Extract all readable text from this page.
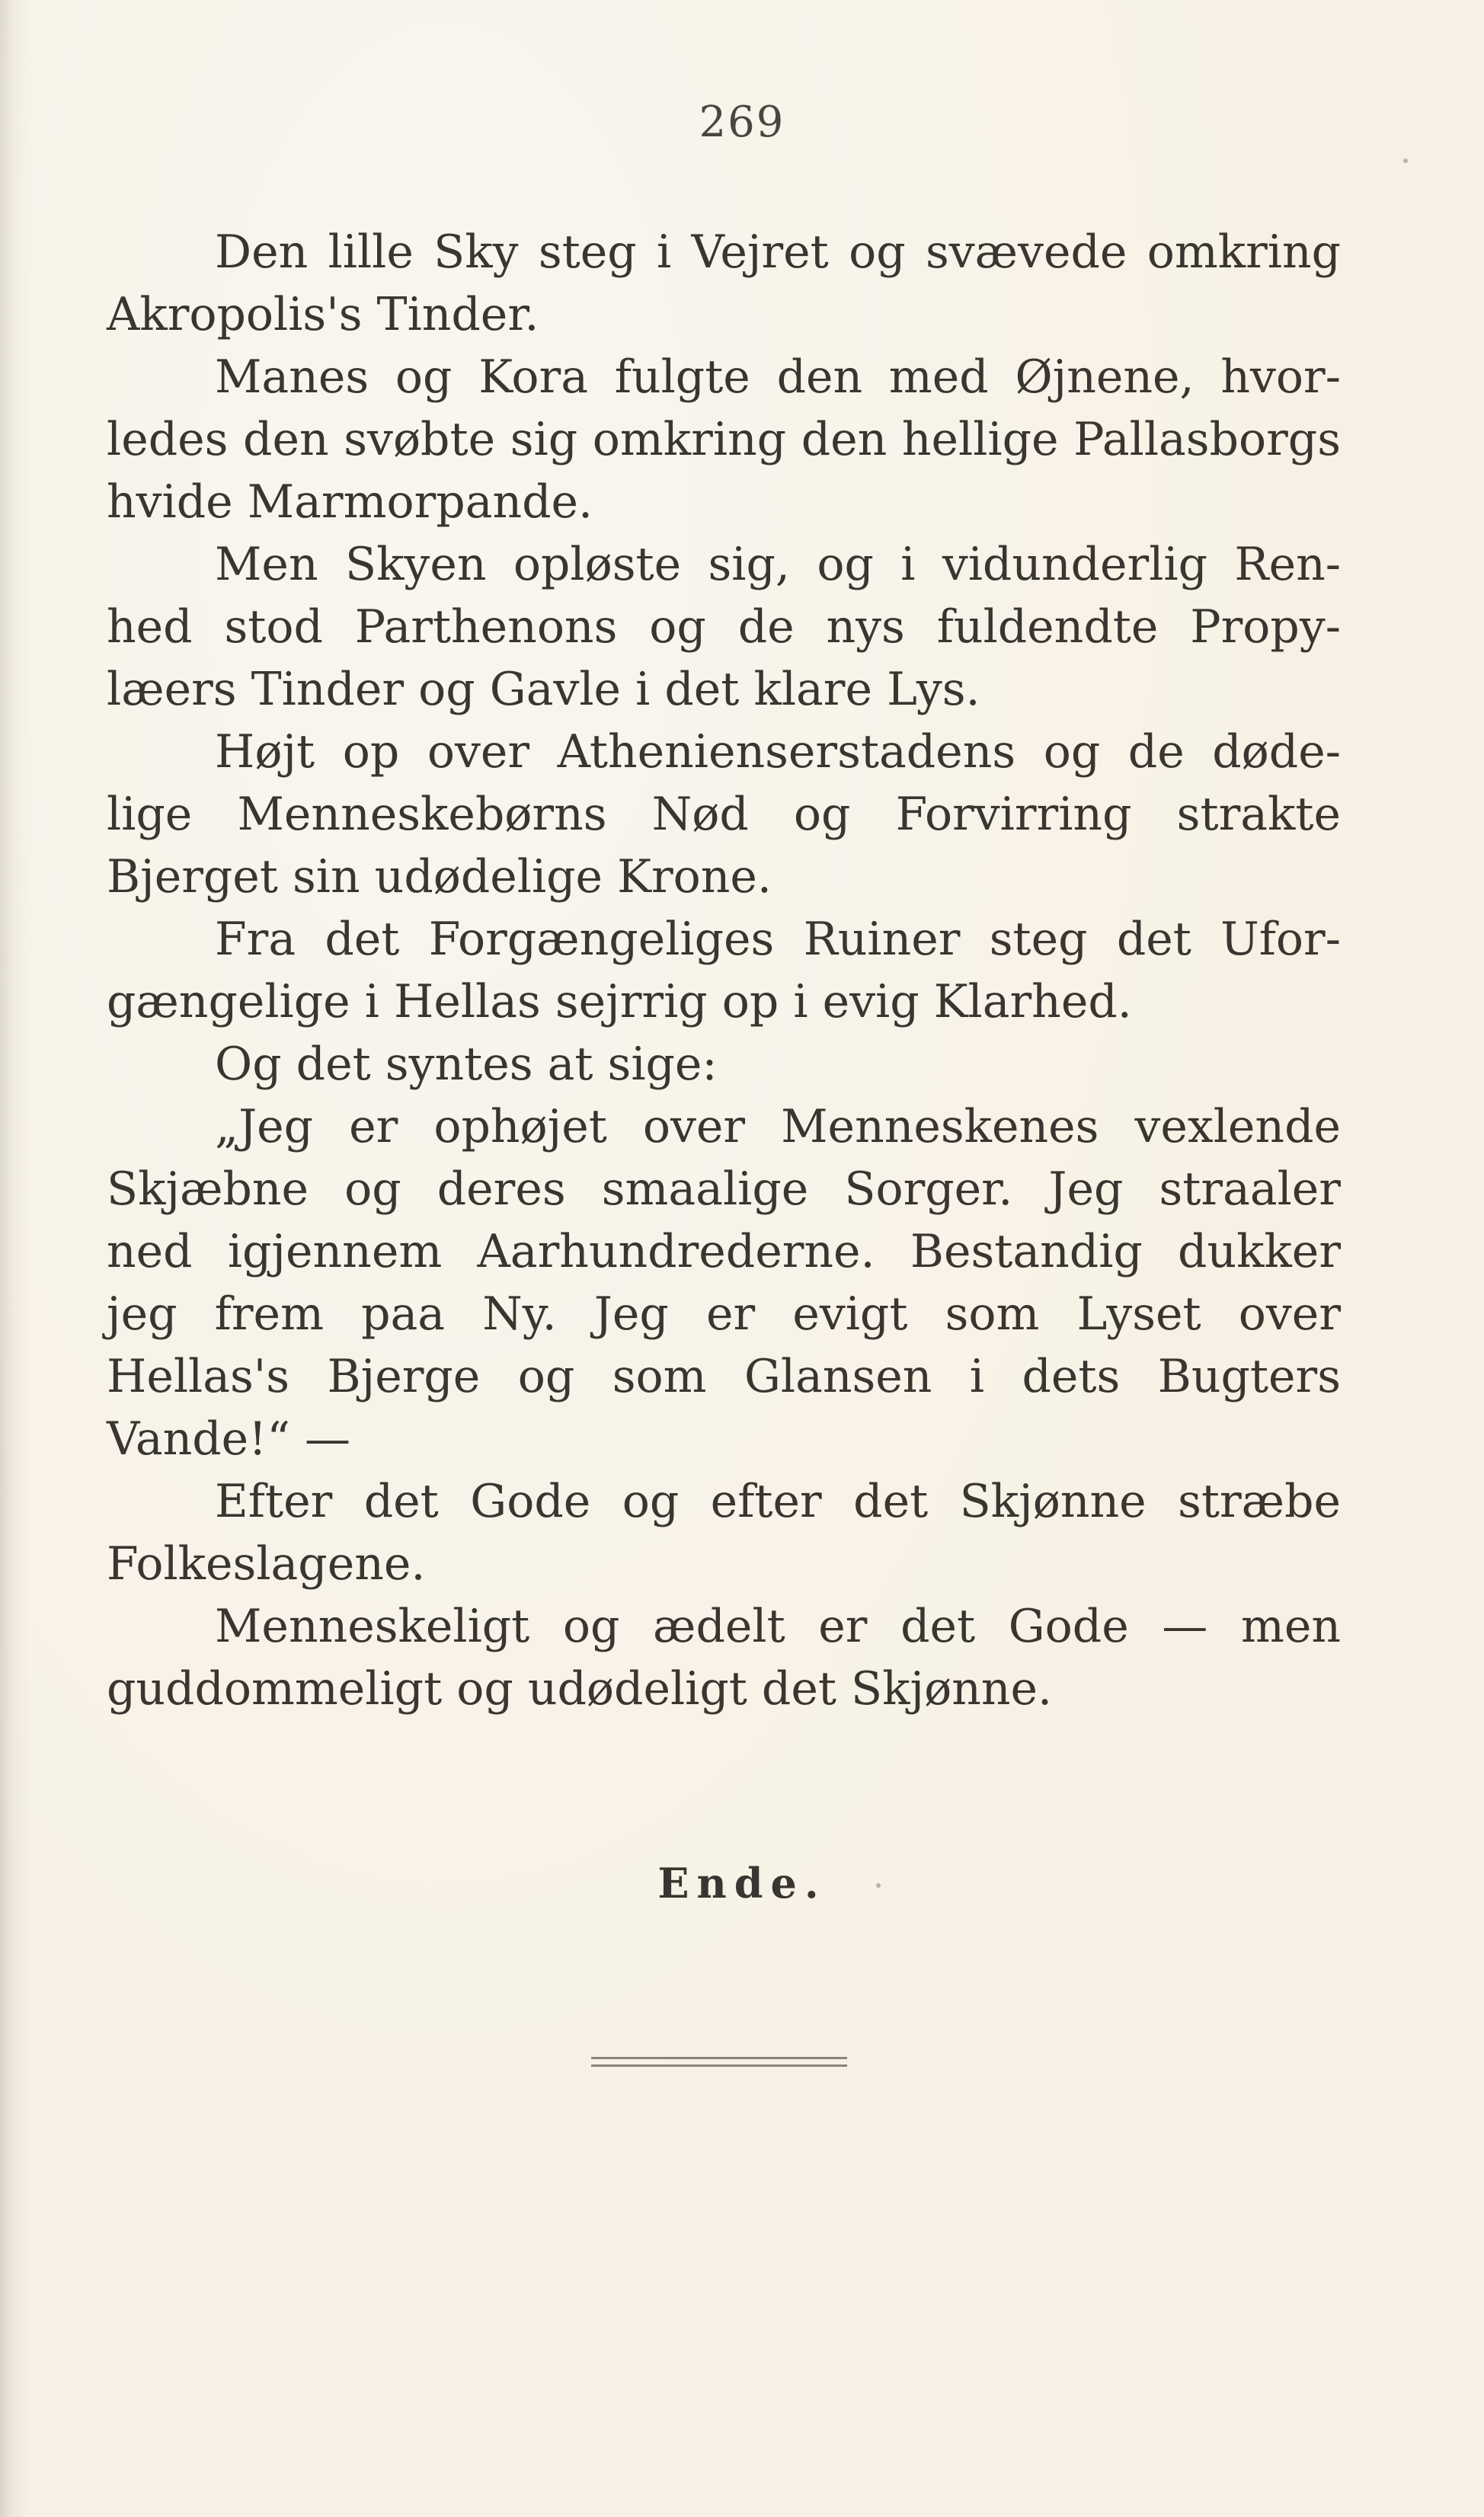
269
Den lille Sky steg i Vejret og svævede omkring
Akropolis's Tinder.
Manes og Kora fulgte den med Øjnene, hvor-
ledes den svøbte sig omkring den hellige Pallasborgs
hvide Marmorpande.
Men Skyen opløste sig, og i vidunderlig Ren-
hed stod Parthenons og de nys fuldendte Propy-
læers Tinder og Gavle i det klare Lys.
Højt op over Athenienserstadens og de døde-
lige Menneskebørns Nød og Forvirring strakte
Bjerget sin udødelige Krone.
Fra det Forgængeliges Ruiner steg det Ufor-
gængelige i Hellas sejrrig op i evig Klarhed.
Og det syntes at sige:
„Jeg er ophøjet over Menneskenes vexlende
Skjæbne og deres smaalige Sorger. Jeg straaler
ned igjennem Aarhundrederne. Bestandig dukker
jeg frem paa Ny. Jeg er evigt som Lyset over
Hellas's Bjerge og som Glansen i dets Bugters
Vande!“ —
Efter det Gode og efter det Skjønne stræbe
Folkeslagene.
Menneskeligt og ædelt er det Gode — men
guddommeligt og udødeligt det Skjønne.
Ende.
